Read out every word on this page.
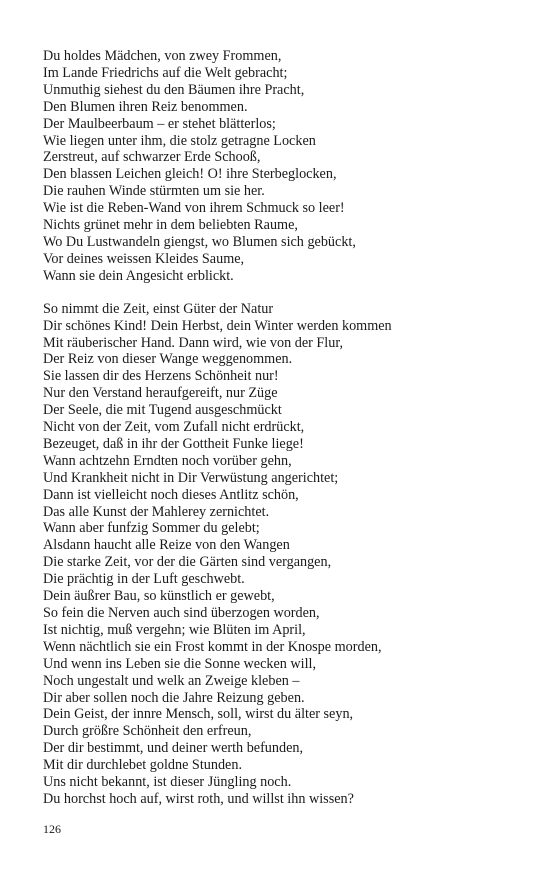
Du holdes Mädchen, von zwey Frommen,
Im Lande Friedrichs auf die Welt gebracht;
Unmuthig siehest du den Bäumen ihre Pracht,
Den Blumen ihren Reiz benommen.
Der Maulbeerbaum – er stehet blätterlos;
Wie liegen unter ihm, die stolz getragne Locken
Zerstreut, auf schwarzer Erde Schooß,
Den blassen Leichen gleich! O! ihre Sterbeglocken,
Die rauhen Winde stürmten um sie her.
Wie ist die Reben-Wand von ihrem Schmuck so leer!
Nichts grünet mehr in dem beliebten Raume,
Wo Du Lustwandeln giengst, wo Blumen sich gebückt,
Vor deines weissen Kleides Saume,
Wann sie dein Angesicht erblickt.
So nimmt die Zeit, einst Güter der Natur
Dir schönes Kind! Dein Herbst, dein Winter werden kommen
Mit räuberischer Hand. Dann wird, wie von der Flur,
Der Reiz von dieser Wange weggenommen.
Sie lassen dir des Herzens Schönheit nur!
Nur den Verstand heraufgereift, nur Züge
Der Seele, die mit Tugend ausgeschmückt
Nicht von der Zeit, vom Zufall nicht erdrückt,
Bezeuget, daß in ihr der Gottheit Funke liege!
Wann achtzehn Erndten noch vorüber gehn,
Und Krankheit nicht in Dir Verwüstung angerichtet;
Dann ist vielleicht noch dieses Antlitz schön,
Das alle Kunst der Mahlerey zernichtet.
Wann aber funfzig Sommer du gelebt;
Alsdann haucht alle Reize von den Wangen
Die starke Zeit, vor der die Gärten sind vergangen,
Die prächtig in der Luft geschwebt.
Dein äußrer Bau, so künstlich er gewebt,
So fein die Nerven auch sind überzogen worden,
Ist nichtig, muß vergehn; wie Blüten im April,
Wenn nächtlich sie ein Frost kommt in der Knospe morden,
Und wenn ins Leben sie die Sonne wecken will,
Noch ungestalt und welk an Zweige kleben –
Dir aber sollen noch die Jahre Reizung geben.
Dein Geist, der innre Mensch, soll, wirst du älter seyn,
Durch größre Schönheit den erfreun,
Der dir bestimmt, und deiner werth befunden,
Mit dir durchlebet goldne Stunden.
Uns nicht bekannt, ist dieser Jüngling noch.
Du horchst hoch auf, wirst roth, und willst ihn wissen?
126
